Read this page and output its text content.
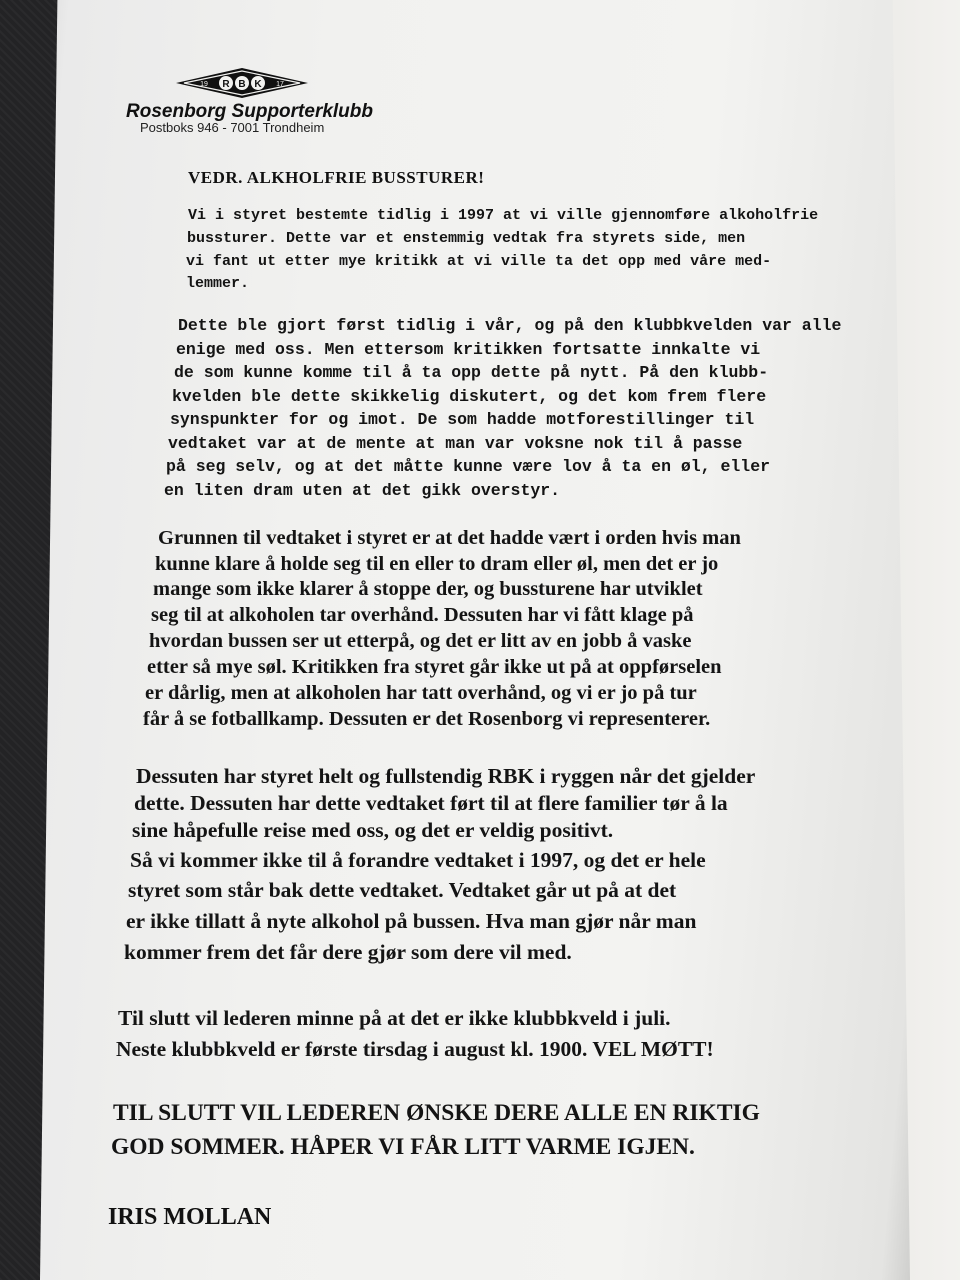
R B K
19	17
Rosenborg Supporterklubb
Postboks 946 - 7001 Trondheim
VEDR. ALKHOLFRIE BUSSTURER!
Vi i styret bestemte tidlig i 1997 at vi ville gjennomføre alkoholfrie
bussturer. Dette var et enstemmig vedtak fra styrets side, men
vi fant ut etter mye kritikk at vi ville ta det opp med våre med-
lemmer.
Dette ble gjort først tidlig i vår, og på den klubbkvelden var alle
enige med oss. Men ettersom kritikken fortsatte innkalte vi
de som kunne komme til å ta opp dette på nytt. På den klubb-
kvelden ble dette skikkelig diskutert, og det kom frem flere
synspunkter for og imot. De som hadde motforestillinger til
vedtaket var at de mente at man var voksne nok til å passe
på seg selv, og at det måtte kunne være lov å ta en øl, eller
en liten dram uten at det gikk overstyr.
Grunnen til vedtaket i styret er at det hadde vært i orden hvis man
kunne klare å holde seg til en eller to dram eller øl, men det er jo
mange som ikke klarer å stoppe der, og bussturene har utviklet
seg til at alkoholen tar overhånd. Dessuten har vi fått klage på
hvordan bussen ser ut etterpå, og det er litt av en jobb å vaske
etter så mye søl. Kritikken fra styret går ikke ut på at oppførselen
er dårlig, men at alkoholen har tatt overhånd, og vi er jo på tur
får å se fotballkamp. Dessuten er det Rosenborg vi representerer.
Dessuten har styret helt og fullstendig RBK i ryggen når det gjelder
dette. Dessuten har dette vedtaket ført til at flere familier tør å la
sine håpefulle reise med oss, og det er veldig positivt.
Så vi kommer ikke til å forandre vedtaket i 1997, og det er hele
styret som står bak dette vedtaket. Vedtaket går ut på at det
er ikke tillatt å nyte alkohol på bussen. Hva man gjør når man
kommer frem det får dere gjør som dere vil med.
Til slutt vil lederen minne på at det er ikke klubbkveld i juli.
Neste klubbkveld er første tirsdag i august kl. 1900. VEL MØTT!
TIL SLUTT VIL LEDEREN ØNSKE DERE ALLE EN RIKTIG
GOD SOMMER. HÅPER VI FÅR LITT VARME IGJEN.
IRIS MOLLAN
